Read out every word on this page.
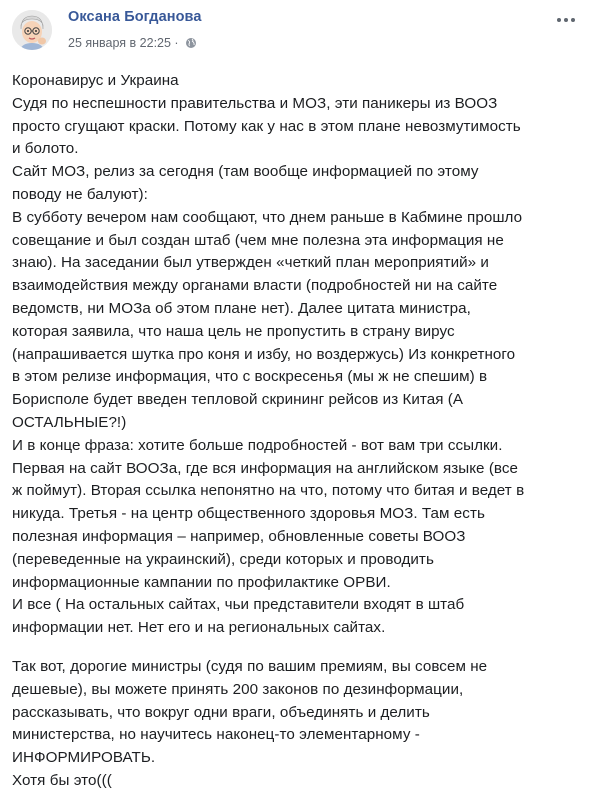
Оксана Богданова
25 января в 22:25 ·

Коронавирус и Украина
Судя по неспешности правительства и МОЗ, эти паникеры из ВООЗ
просто сгущают краски. Потому как у нас в этом плане невозмутимость
и болото.
Сайт МОЗ, релиз за сегодня (там вообще информацией по этому
поводу не балуют):
В субботу вечером нам сообщают, что днем раньше в Кабмине прошло
совещание и был создан штаб (чем мне полезна эта информация не
знаю). На заседании был утвержден «четкий план мероприятий» и
взаимодействия между органами власти (подробностей ни на сайте
ведомств, ни МОЗа об этом плане нет). Далее цитата министра,
которая заявила, что наша цель не пропустить в страну вирус
(напрашивается шутка про коня и избу, но воздержусь) Из конкретного
в этом релизе информация, что с воскресенья (мы ж не спешим) в
Борисполе будет введен тепловой скрининг рейсов из Китая (А
ОСТАЛЬНЫЕ?!)
И в конце фраза: хотите больше подробностей - вот вам три ссылки.
Первая на сайт ВООЗа, где вся информация на английском языке (все
ж поймут). Вторая ссылка непонятно на что, потому что битая и ведет в
никуда. Третья - на центр общественного здоровья МОЗ. Там есть
полезная информация – например, обновленные советы ВООЗ
(переведенные на украинский), среди которых и проводить
информационные кампании по профилактике ОРВИ.
И все ( На остальных сайтах, чьи представители входят в штаб
информации нет. Нет его и на региональных сайтах.

Так вот, дорогие министры (судя по вашим премиям, вы совсем не
дешевые), вы можете принять 200 законов по дезинформации,
рассказывать, что вокруг одни враги, объединять и делить
министерства, но научитесь наконец-то элементарному -
ИНФОРМИРОВАТЬ.
Хотя бы это(((
